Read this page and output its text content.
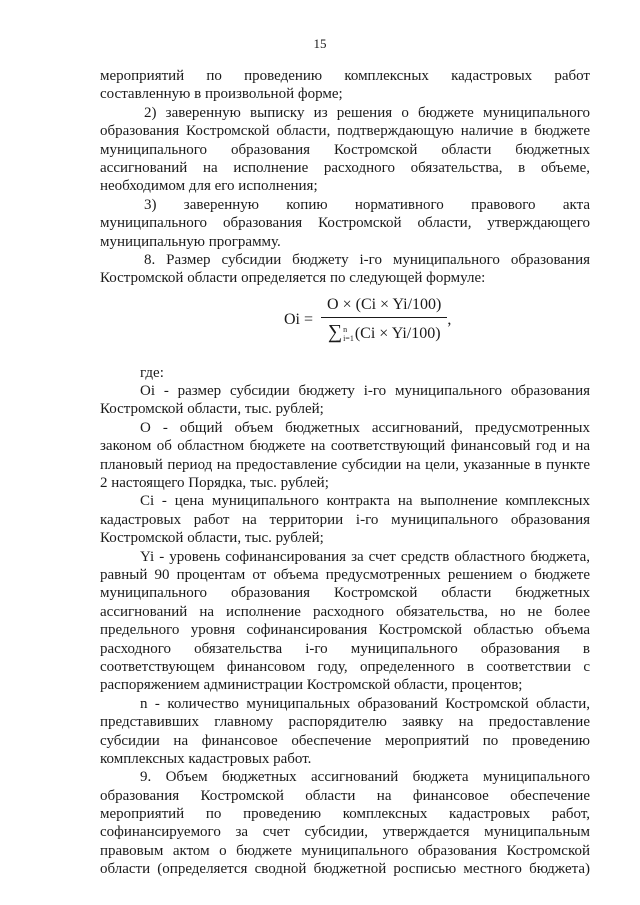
15
мероприятий по проведению комплексных кадастровых работ
составленную в произвольной форме;
2) заверенную выписку из решения о бюджете муниципального
образования Костромской области, подтверждающую наличие в бюджете
муниципального образования Костромской области бюджетных
ассигнований на исполнение расходного обязательства, в объеме,
необходимом для его исполнения;
3) заверенную копию нормативного правового акта
муниципального образования Костромской области, утверждающего
муниципальную программу.
8. Размер субсидии бюджету i-го муниципального образования
Костромской области определяется по следующей формуле:
Oi = O × (Ci × Yi/100)
∑ n
i=1 (Ci × Yi/100) ,
где:
Oi - размер субсидии бюджету i-го муниципального образования
Костромской области, тыс. рублей;
O - общий объем бюджетных ассигнований, предусмотренных
законом об областном бюджете на соответствующий финансовый год и на
плановый период на предоставление субсидии на цели, указанные в пункте
2 настоящего Порядка, тыс. рублей;
Ci - цена муниципального контракта на выполнение комплексных
кадастровых работ на территории i-го муниципального образования
Костромской области, тыс. рублей;
Yi - уровень софинансирования за счет средств областного бюджета,
равный 90 процентам от объема предусмотренных решением о бюджете
муниципального образования Костромской области бюджетных
ассигнований на исполнение расходного обязательства, но не более
предельного уровня софинансирования Костромской областью объема
расходного обязательства i-го муниципального образования в
соответствующем финансовом году, определенного в соответствии с
распоряжением администрации Костромской области, процентов;
n - количество муниципальных образований Костромской области,
представивших главному распорядителю заявку на предоставление
субсидии на финансовое обеспечение мероприятий по проведению
комплексных кадастровых работ.
9. Объем бюджетных ассигнований бюджета муниципального
образования Костромской области на финансовое обеспечение
мероприятий по проведению комплексных кадастровых работ,
софинансируемого за счет субсидии, утверждается муниципальным
правовым актом о бюджете муниципального образования Костромской
области (определяется сводной бюджетной росписью местного бюджета)
